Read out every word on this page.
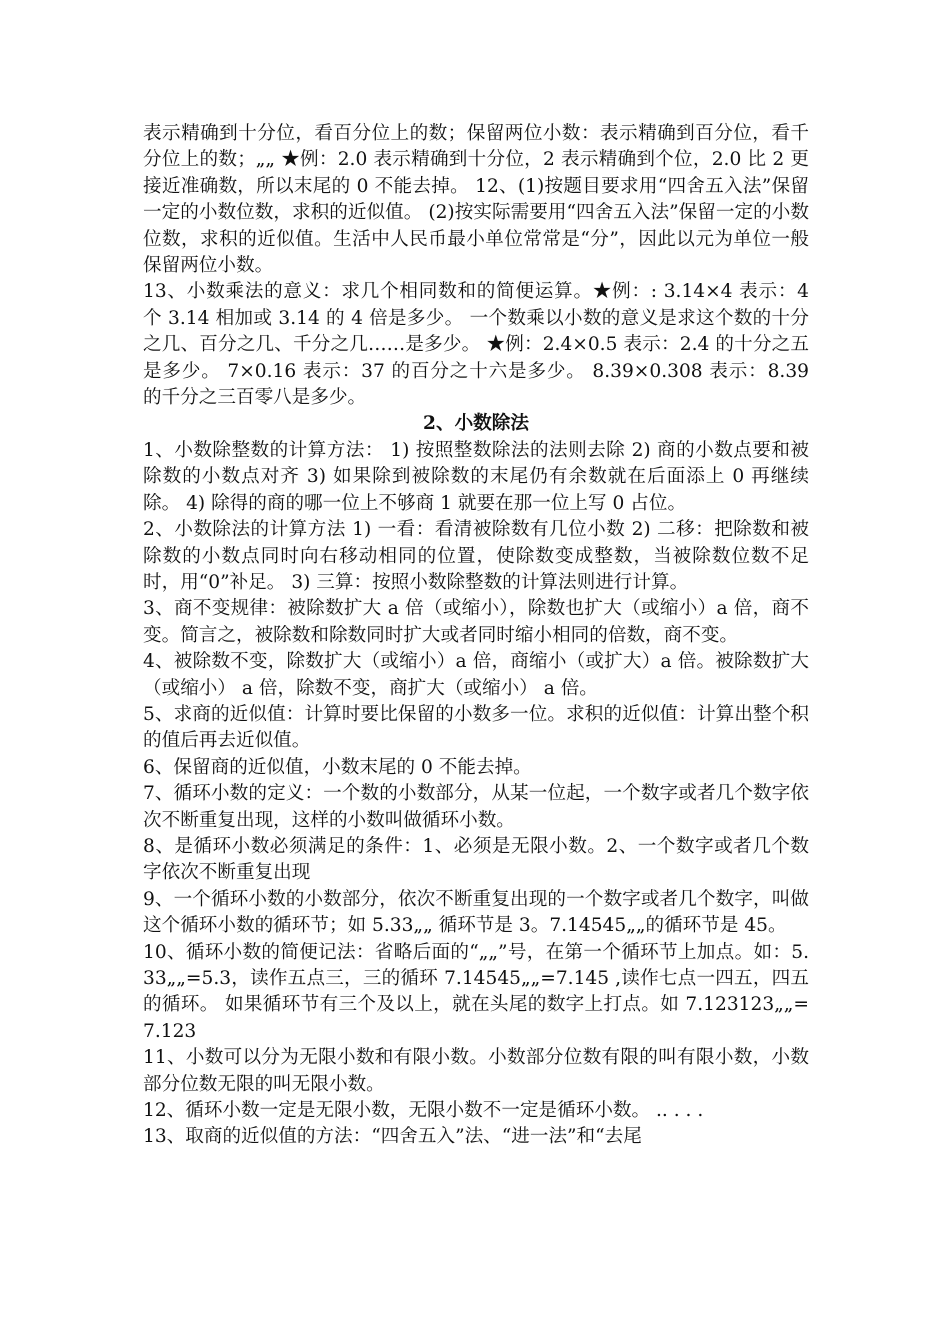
表示精确到十分位，看百分位上的数；保留两位小数：表示精确到百分位，看千分位上的数；„„ ★例：2.0 表示精确到十分位，2 表示精确到个位，2.0 比 2 更接近准确数，所以末尾的 0 不能去掉。 12、(1)按题目要求用“四舍五入法”保留一定的小数位数，求积的近似值。 (2)按实际需要用“四舍五入法”保留一定的小数位数，求积的近似值。生活中人民币最小单位常常是“分”，因此以元为单位一般保留两位小数。

13、小数乘法的意义：求几个相同数和的简便运算。★例：: 3.14×4 表示：4 个 3.14 相加或 3.14 的 4 倍是多少。 一个数乘以小数的意义是求这个数的十分之几、百分之几、千分之几……是多少。 ★例：2.4×0.5 表示：2.4 的十分之五是多少。 7×0.16 表示：37 的百分之十六是多少。 8.39×0.308 表示：8.39 的千分之三百零八是多少。

2、小数除法

1、小数除整数的计算方法： 1) 按照整数除法的法则去除 2) 商的小数点要和被除数的小数点对齐 3) 如果除到被除数的末尾仍有余数就在后面添上 0 再继续除。 4) 除得的商的哪一位上不够商 1 就要在那一位上写 0 占位。

2、小数除法的计算方法 1) 一看：看清被除数有几位小数 2) 二移：把除数和被除数的小数点同时向右移动相同的位置，使除数变成整数，当被除数位数不足时，用“0”补足。 3) 三算：按照小数除整数的计算法则进行计算。

3、商不变规律：被除数扩大 a 倍（或缩小），除数也扩大（或缩小）a 倍，商不变。简言之，被除数和除数同时扩大或者同时缩小相同的倍数，商不变。

4、被除数不变，除数扩大（或缩小）a 倍，商缩小（或扩大）a 倍。被除数扩大（或缩小） a 倍，除数不变，商扩大（或缩小） a 倍。

5、求商的近似值：计算时要比保留的小数多一位。求积的近似值：计算出整个积的值后再去近似值。

6、保留商的近似值，小数末尾的 0 不能去掉。

7、循环小数的定义：一个数的小数部分，从某一位起，一个数字或者几个数字依次不断重复出现，这样的小数叫做循环小数。

8、是循环小数必须满足的条件：1、必须是无限小数。2、一个数字或者几个数字依次不断重复出现

9、一个循环小数的小数部分，依次不断重复出现的一个数字或者几个数字，叫做这个循环小数的循环节；如 5.33„„ 循环节是 3。7.14545„„的循环节是 45。

10、循环小数的简便记法：省略后面的“„„”号，在第一个循环节上加点。如：5.33„„=5.3，读作五点三，三的循环 7.14545„„=7.145 ,读作七点一四五，四五的循环。 如果循环节有三个及以上，就在头尾的数字上打点。如 7.123123„„=7.123

11、小数可以分为无限小数和有限小数。小数部分位数有限的叫有限小数，小数部分位数无限的叫无限小数。

12、循环小数一定是无限小数，无限小数不一定是循环小数。 .. . . .

13、取商的近似值的方法：“四舍五入”法、“进一法”和“去尾
